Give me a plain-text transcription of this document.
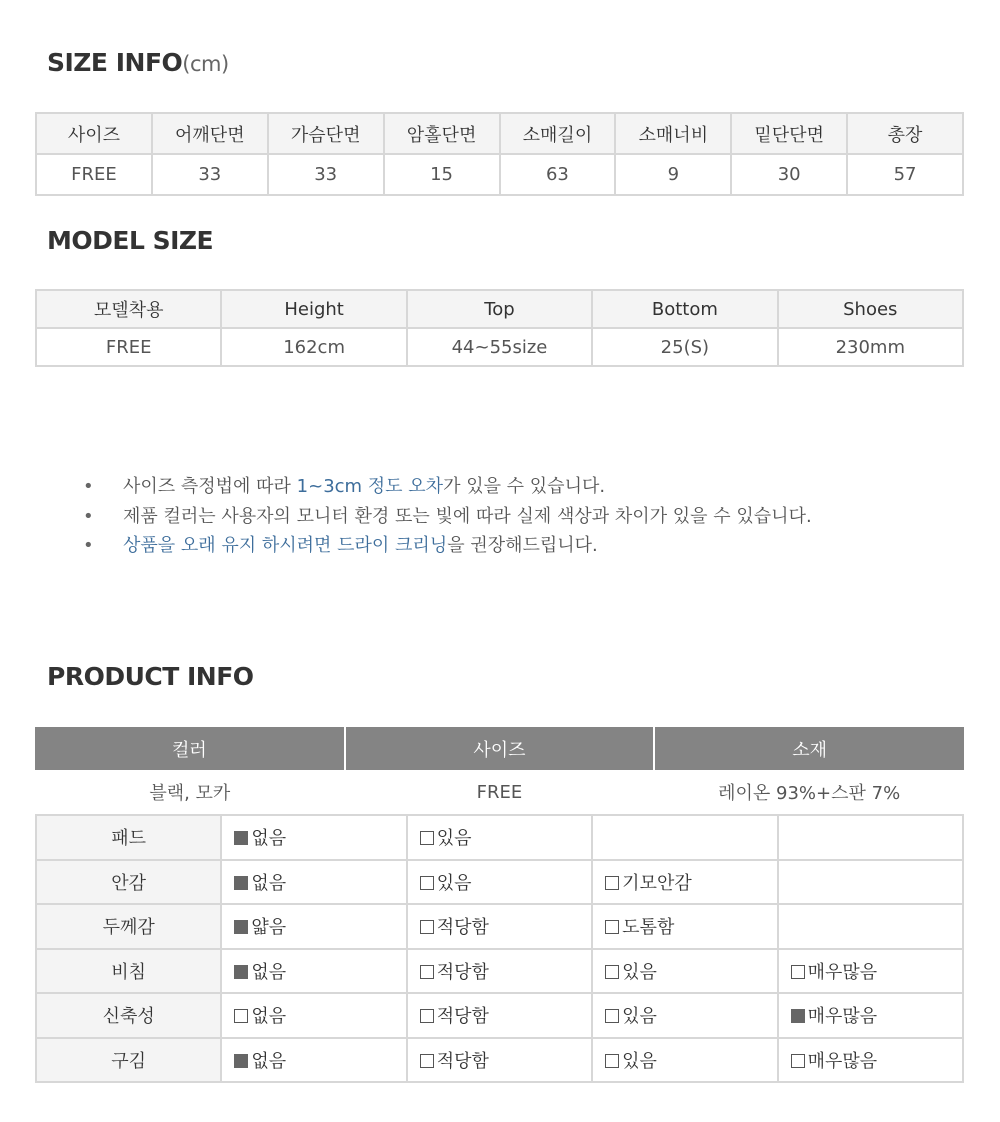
SIZE INFO(cm)
사이즈	어깨단면	가슴단면	암홀단면	소매길이	소매너비	밑단단면	총장
FREE	33	33	15	63	9	30	57
MODEL SIZE
모델착용	Height	Top	Bottom	Shoes
FREE	162cm	44~55size	25(S)	230mm
• 사이즈 측정법에 따라 1~3cm 정도 오차가 있을 수 있습니다.
• 제품 컬러는 사용자의 모니터 환경 또는 빛에 따라 실제 색상과 차이가 있을 수 있습니다.
• 상품을 오래 유지 하시려면 드라이 크리닝을 권장해드립니다.
PRODUCT INFO
컬러	사이즈	소재
블랙, 모카	FREE	레이온 93%+스판 7%
패드	없음	있음		
안감	없음	있음	기모안감	
두께감	얇음	적당함	도톰함	
비침	없음	적당함	있음	매우많음
신축성	없음	적당함	있음	매우많음
구김	없음	적당함	있음	매우많음
